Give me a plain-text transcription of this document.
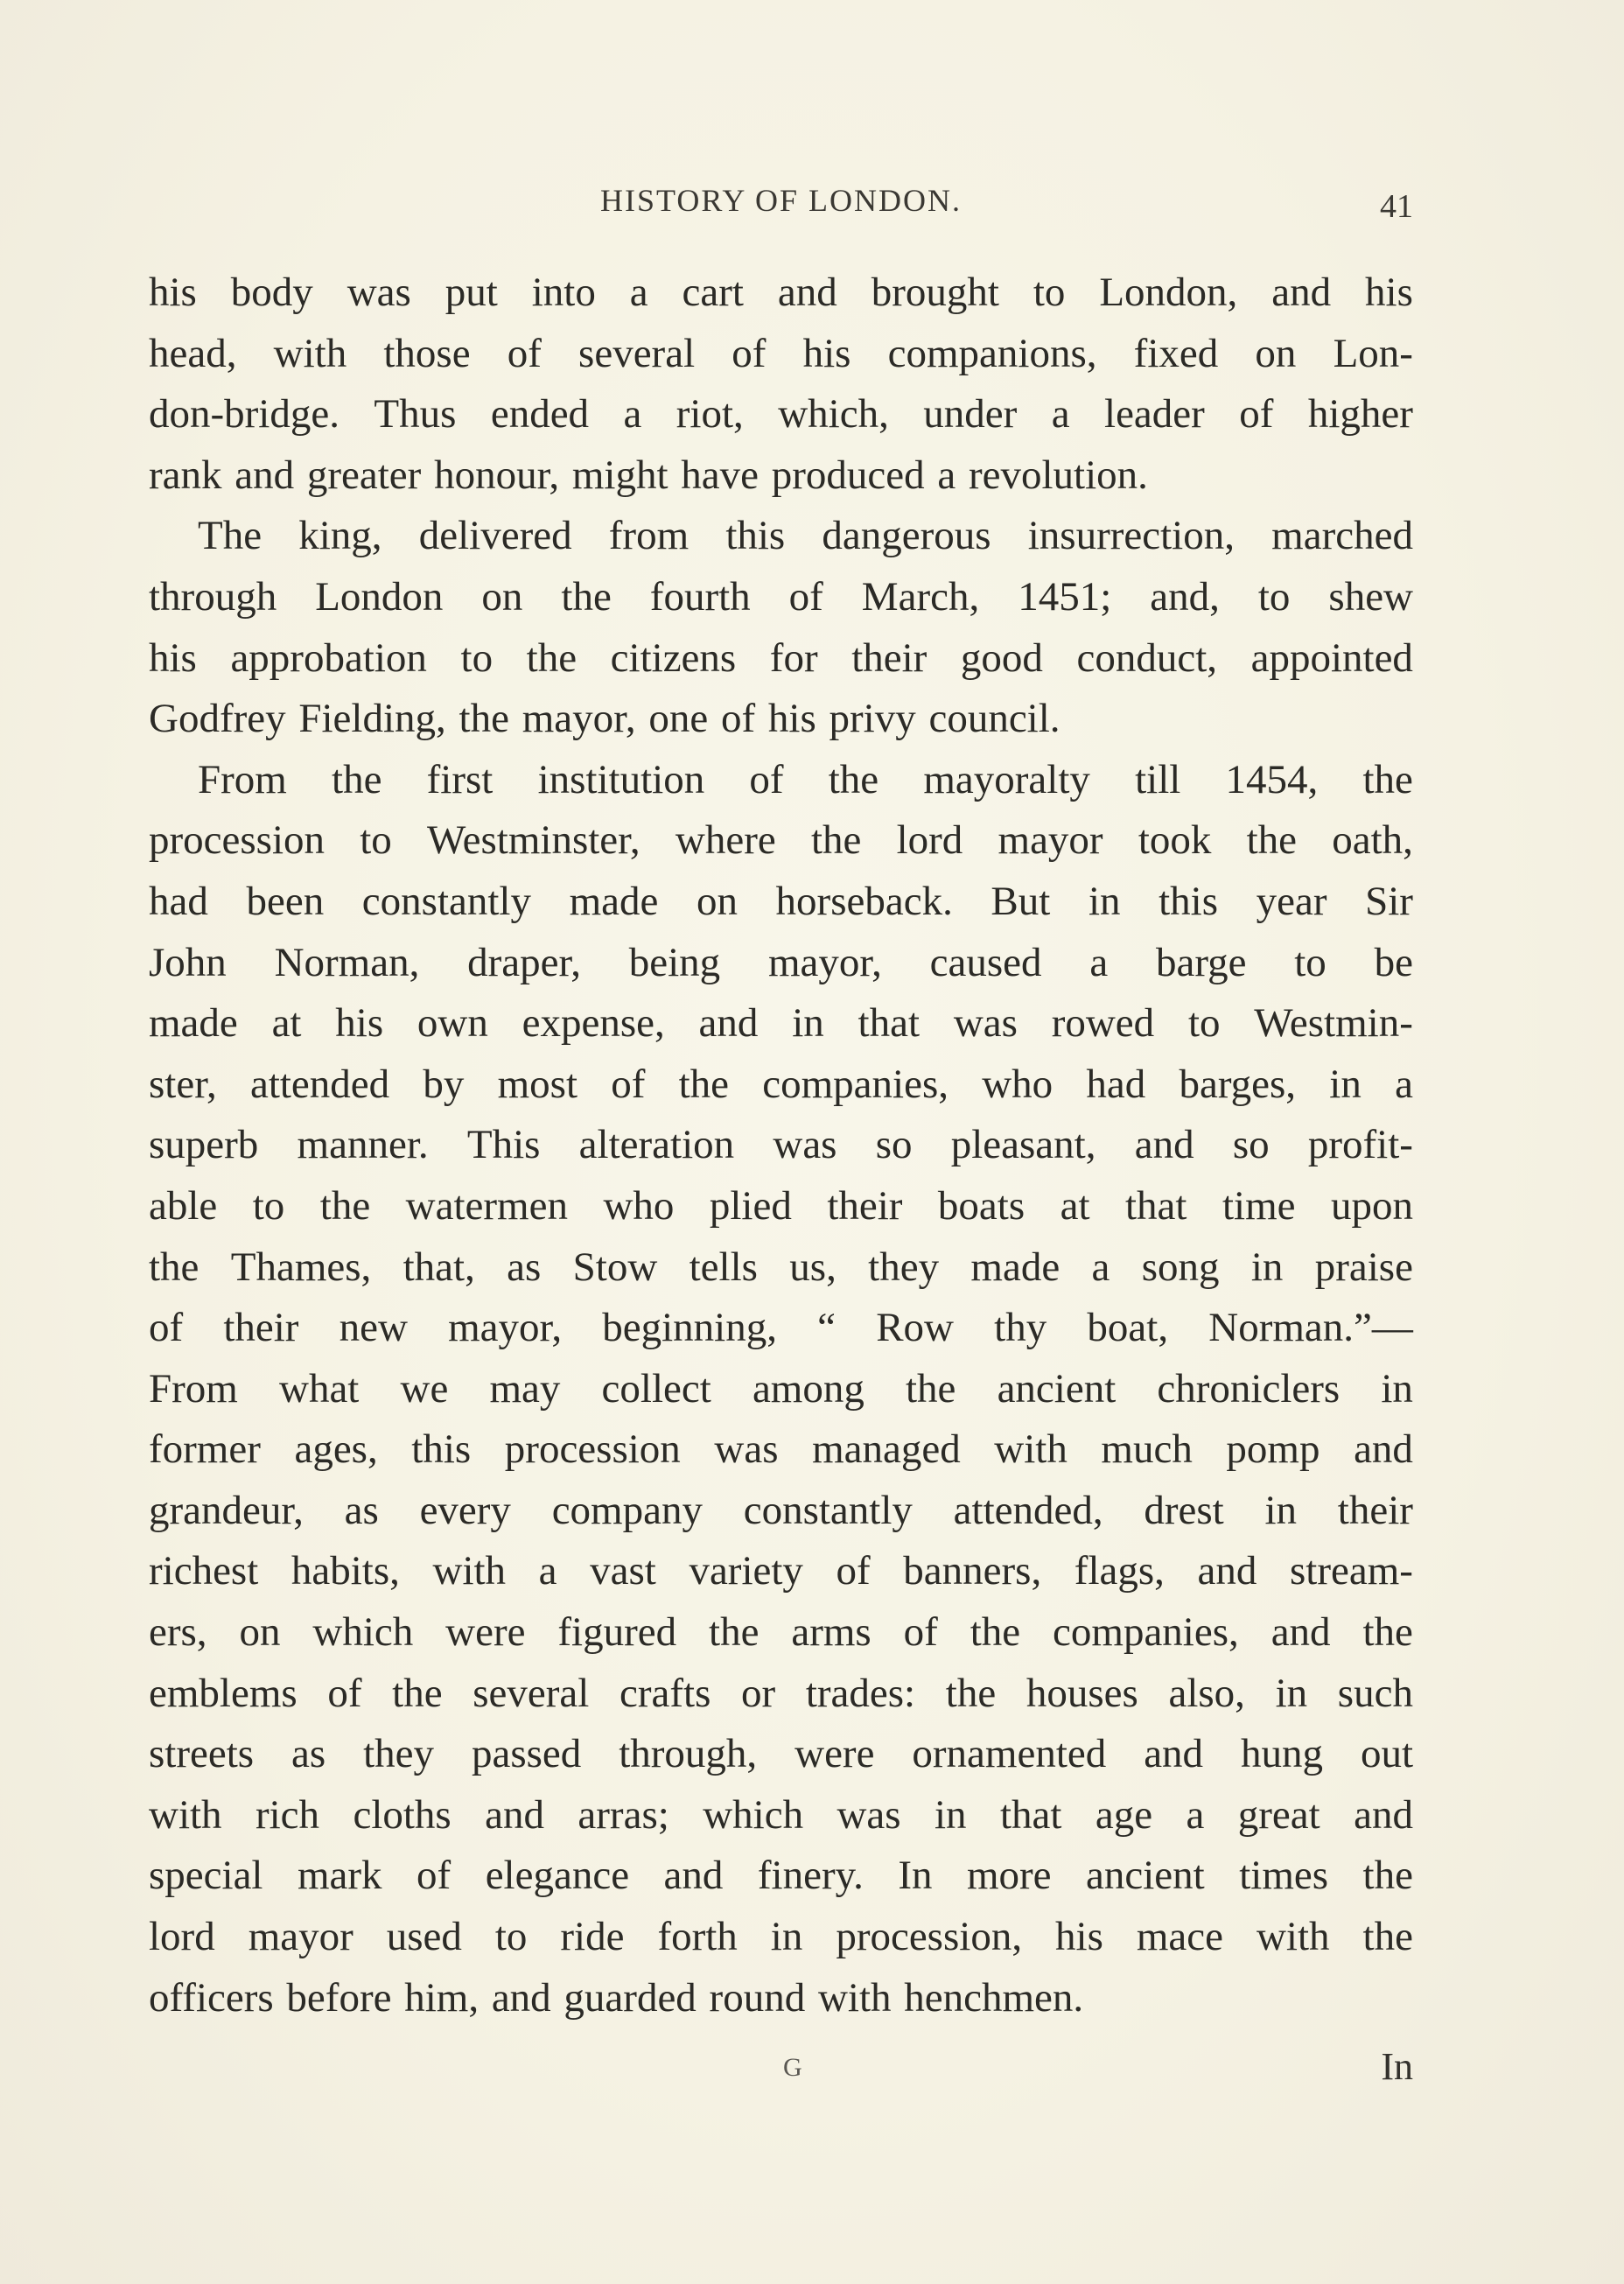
HISTORY OF LONDON.	41
his body was put into a cart and brought to London, and his
head, with those of several of his companions, fixed on Lon-
don-bridge. Thus ended a riot, which, under a leader of higher
rank and greater honour, might have produced a revolution.
The king, delivered from this dangerous insurrection, marched
through London on the fourth of March, 1451; and, to shew
his approbation to the citizens for their good conduct, appointed
Godfrey Fielding, the mayor, one of his privy council.
From the first institution of the mayoralty till 1454, the
procession to Westminster, where the lord mayor took the oath,
had been constantly made on horseback. But in this year Sir
John Norman, draper, being mayor, caused a barge to be
made at his own expense, and in that was rowed to Westmin-
ster, attended by most of the companies, who had barges, in a
superb manner. This alteration was so pleasant, and so profit-
able to the watermen who plied their boats at that time upon
the Thames, that, as Stow tells us, they made a song in praise
of their new mayor, beginning, “ Row thy boat, Norman.”—
From what we may collect among the ancient chroniclers in
former ages, this procession was managed with much pomp and
grandeur, as every company constantly attended, drest in their
richest habits, with a vast variety of banners, flags, and stream-
ers, on which were figured the arms of the companies, and the
emblems of the several crafts or trades: the houses also, in such
streets as they passed through, were ornamented and hung out
with rich cloths and arras; which was in that age a great and
special mark of elegance and finery. In more ancient times the
lord mayor used to ride forth in procession, his mace with the
officers before him, and guarded round with henchmen.
G	In
